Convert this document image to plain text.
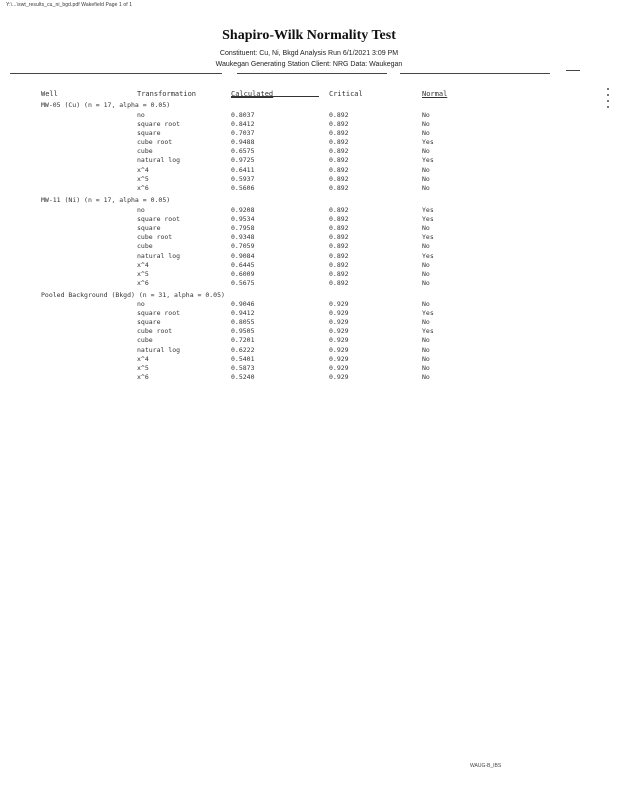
Y:\...\swt_results_cu_ni_bgd.pdf Wakefield Page 1 of 1
Shapiro-Wilk Normality Test
Constituent: Cu, Ni, Bkgd Analysis Run 6/1/2021 3:09 PM
Waukegan Generating Station Client: NRG Data: Waukegan
Well	Transformation	Calculated	Critical	Normal
MW-05 (Cu) (n = 17, alpha = 0.05)
no	0.8037	0.892	No
square root	0.8412	0.892	No
square	0.7037	0.892	No
cube root	0.9488	0.892	Yes
cube	0.6575	0.892	No
natural log	0.9725	0.892	Yes
x^4	0.6411	0.892	No
x^5	0.5937	0.892	No
x^6	0.5606	0.892	No
MW-11 (Ni) (n = 17, alpha = 0.05)
no	0.9208	0.892	Yes
square root	0.9534	0.892	Yes
square	0.7958	0.892	No
cube root	0.9348	0.892	Yes
cube	0.7059	0.892	No
natural log	0.9084	0.892	Yes
x^4	0.6445	0.892	No
x^5	0.6009	0.892	No
x^6	0.5675	0.892	No
Pooled Background (Bkgd) (n = 31, alpha = 0.05)
no	0.9046	0.929	No
square root	0.9412	0.929	Yes
square	0.8055	0.929	No
cube root	0.9505	0.929	Yes
cube	0.7201	0.929	No
natural log	0.6222	0.929	No
x^4	0.5401	0.929	No
x^5	0.5873	0.929	No
x^6	0.5240	0.929	No
WAUG-B_IBS
